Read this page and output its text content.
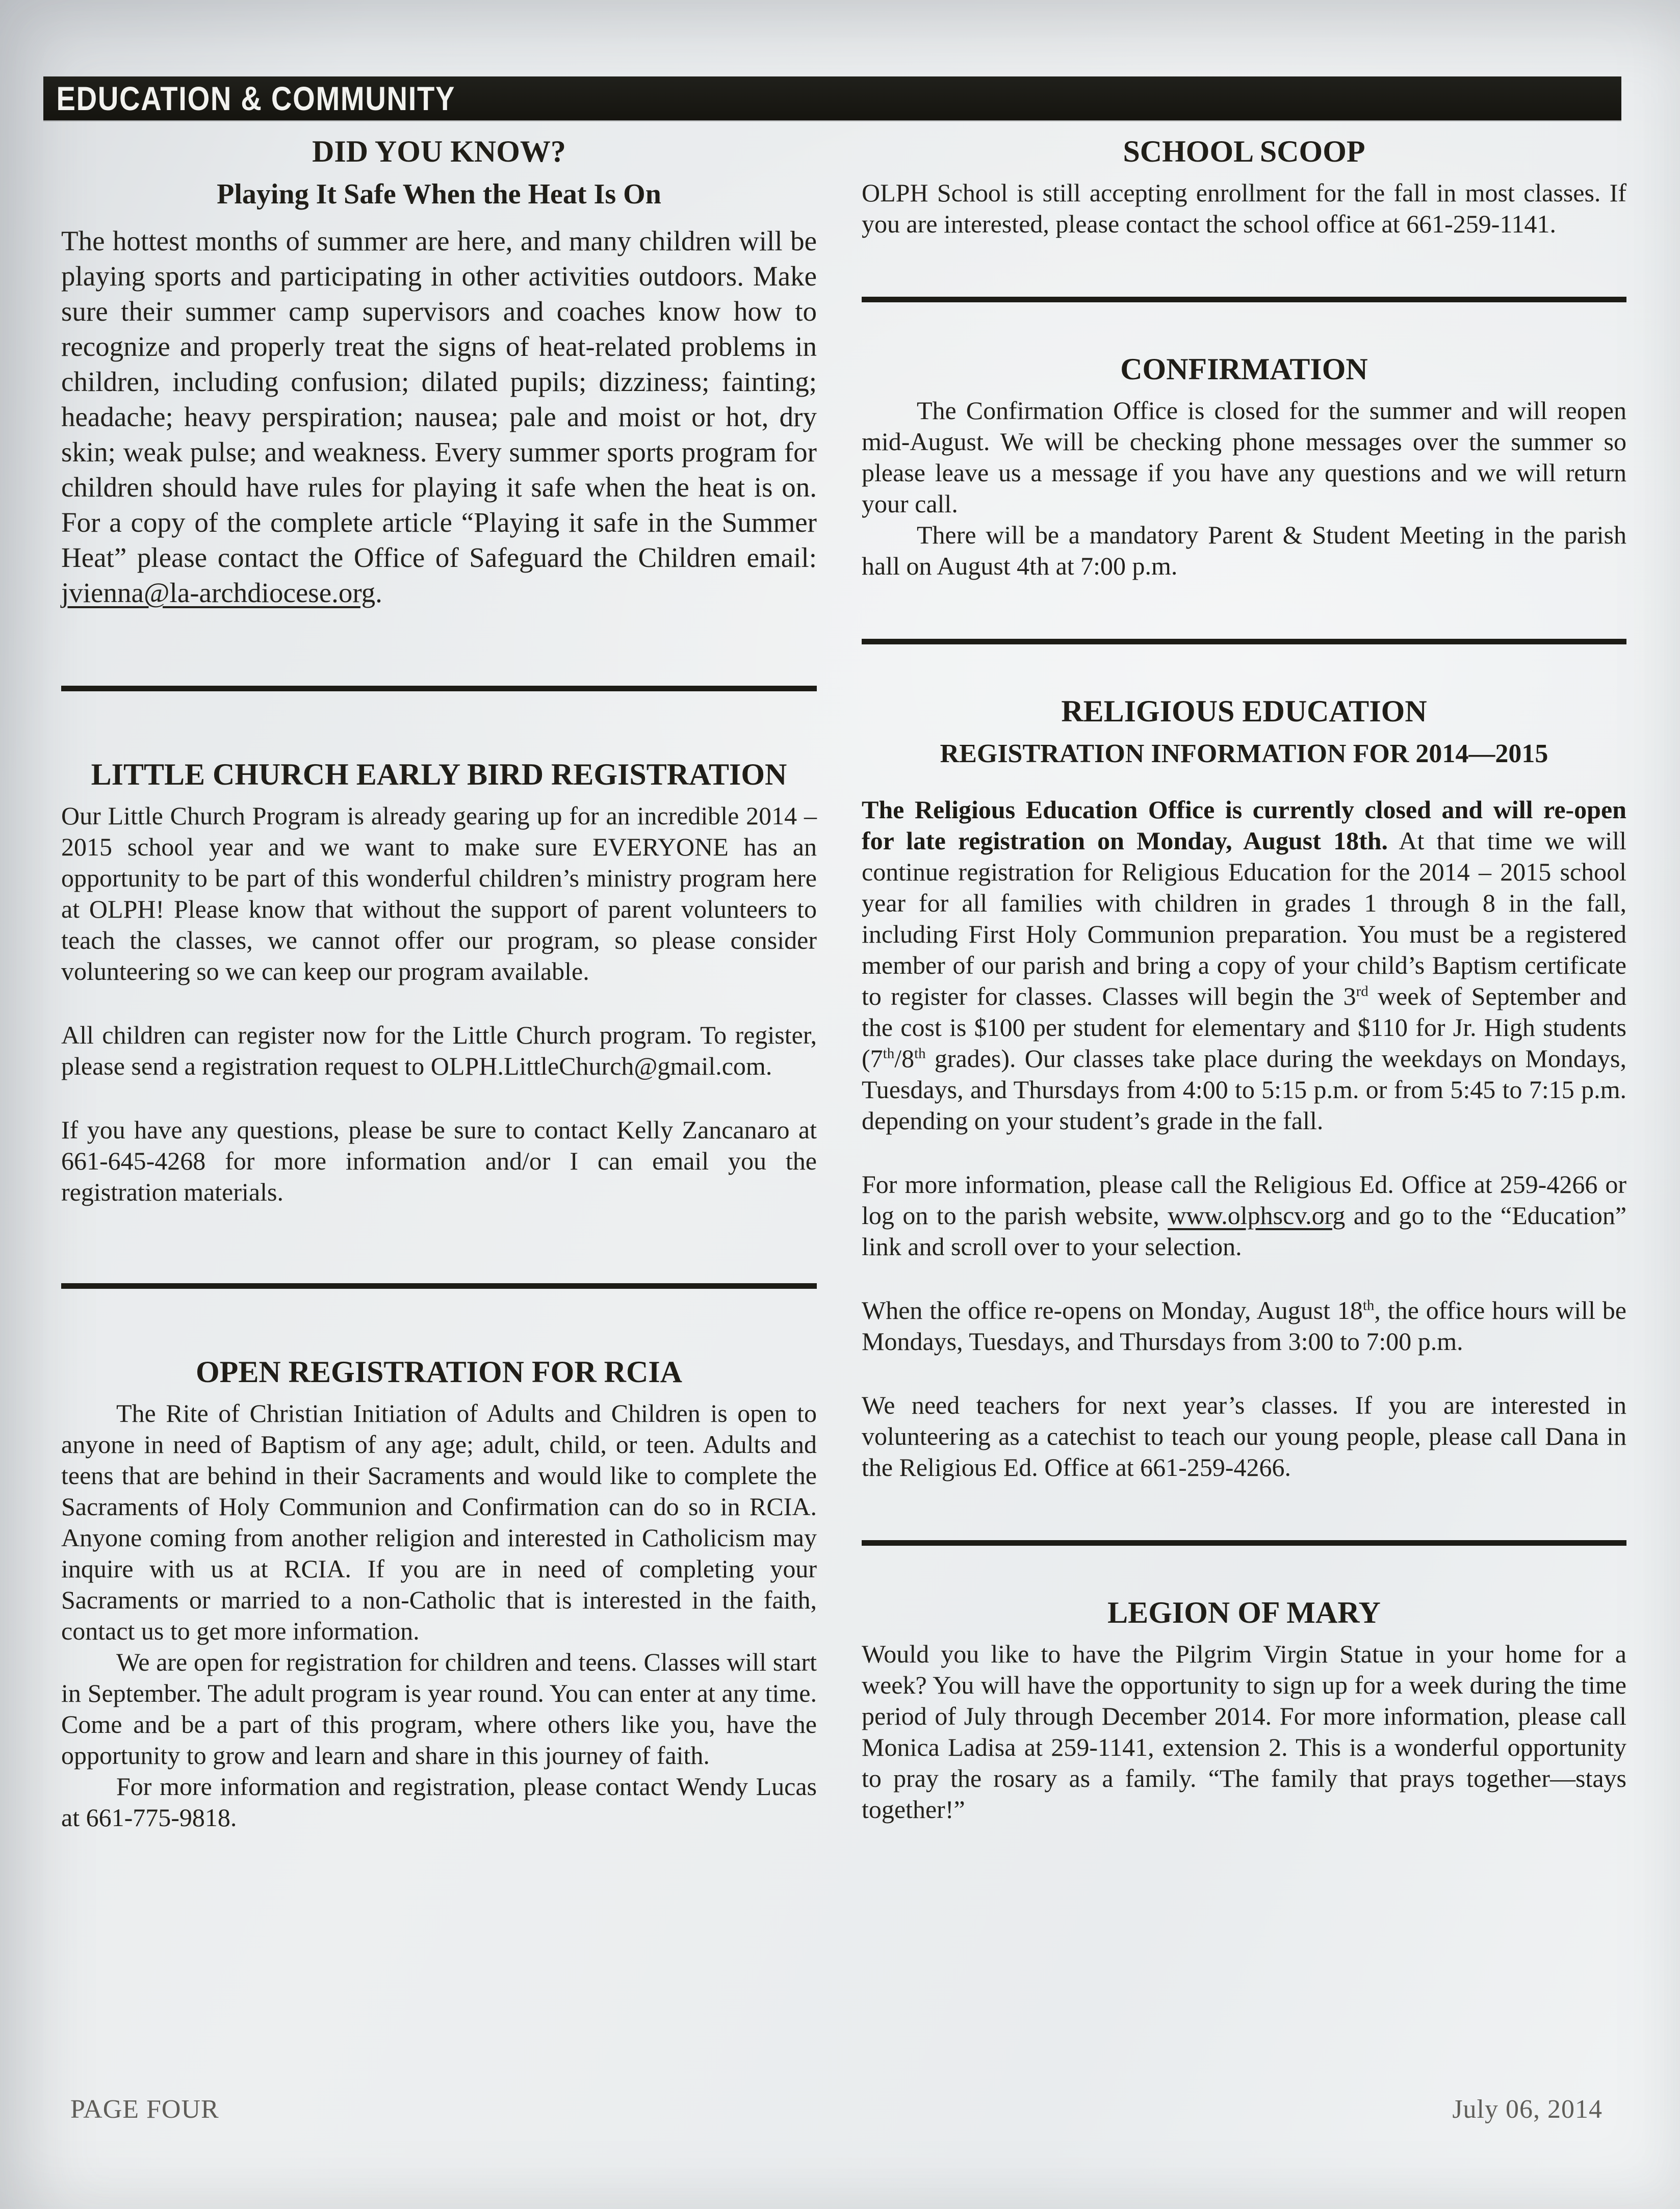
EDUCATION & COMMUNITY
DID YOU KNOW?
Playing It Safe When the Heat Is On

The hottest months of summer are here, and many children will be playing sports and participating in other activities outdoors. Make sure their summer camp supervisors and coaches know how to recognize and properly treat the signs of heat-related problems in children, including confusion; dilated pupils; dizziness; fainting; headache; heavy perspiration; nausea; pale and moist or hot, dry skin; weak pulse; and weakness. Every summer sports program for children should have rules for playing it safe when the heat is on. For a copy of the complete article “Playing it safe in the Summer Heat” please contact the Office of Safeguard the Children email: jvienna@la-archdiocese.org.

LITTLE CHURCH EARLY BIRD REGISTRATION

Our Little Church Program is already gearing up for an incredible 2014 – 2015 school year and we want to make sure EVERYONE has an opportunity to be part of this wonderful children’s ministry program here at OLPH! Please know that without the support of parent volunteers to teach the classes, we cannot offer our program, so please consider volunteering so we can keep our program available.

All children can register now for the Little Church program. To register, please send a registration request to OLPH.LittleChurch@gmail.com.

If you have any questions, please be sure to contact Kelly Zancanaro at 661-645-4268 for more information and/or I can email you the registration materials.

OPEN REGISTRATION FOR RCIA

The Rite of Christian Initiation of Adults and Children is open to anyone in need of Baptism of any age; adult, child, or teen. Adults and teens that are behind in their Sacraments and would like to complete the Sacraments of Holy Communion and Confirmation can do so in RCIA. Anyone coming from another religion and interested in Catholicism may inquire with us at RCIA. If you are in need of completing your Sacraments or married to a non-Catholic that is interested in the faith, contact us to get more information.

We are open for registration for children and teens. Classes will start in September. The adult program is year round. You can enter at any time. Come and be a part of this program, where others like you, have the opportunity to grow and learn and share in this journey of faith.

For more information and registration, please contact Wendy Lucas at 661-775-9818.

SCHOOL SCOOP

OLPH School is still accepting enrollment for the fall in most classes. If you are interested, please contact the school office at 661-259-1141.

CONFIRMATION

The Confirmation Office is closed for the summer and will reopen mid-August. We will be checking phone messages over the summer so please leave us a message if you have any questions and we will return your call.

There will be a mandatory Parent & Student Meeting in the parish hall on August 4th at 7:00 p.m.

RELIGIOUS EDUCATION
REGISTRATION INFORMATION FOR 2014—2015

The Religious Education Office is currently closed and will re-open for late registration on Monday, August 18th. At that time we will continue registration for Religious Education for the 2014 – 2015 school year for all families with children in grades 1 through 8 in the fall, including First Holy Communion preparation. You must be a registered member of our parish and bring a copy of your child’s Baptism certificate to register for classes. Classes will begin the 3rd week of September and the cost is $100 per student for elementary and $110 for Jr. High students (7th/8th grades). Our classes take place during the weekdays on Mondays, Tuesdays, and Thursdays from 4:00 to 5:15 p.m. or from 5:45 to 7:15 p.m. depending on your student’s grade in the fall.

For more information, please call the Religious Ed. Office at 259-4266 or log on to the parish website, www.olphscv.org and go to the “Education” link and scroll over to your selection.

When the office re-opens on Monday, August 18th, the office hours will be Mondays, Tuesdays, and Thursdays from 3:00 to 7:00 p.m.

We need teachers for next year’s classes. If you are interested in volunteering as a catechist to teach our young people, please call Dana in the Religious Ed. Office at 661-259-4266.

LEGION OF MARY

Would you like to have the Pilgrim Virgin Statue in your home for a week? You will have the opportunity to sign up for a week during the time period of July through December 2014. For more information, please call Monica Ladisa at 259-1141, extension 2. This is a wonderful opportunity to pray the rosary as a family. “The family that prays together—stays together!”

PAGE FOUR	July 06, 2014
